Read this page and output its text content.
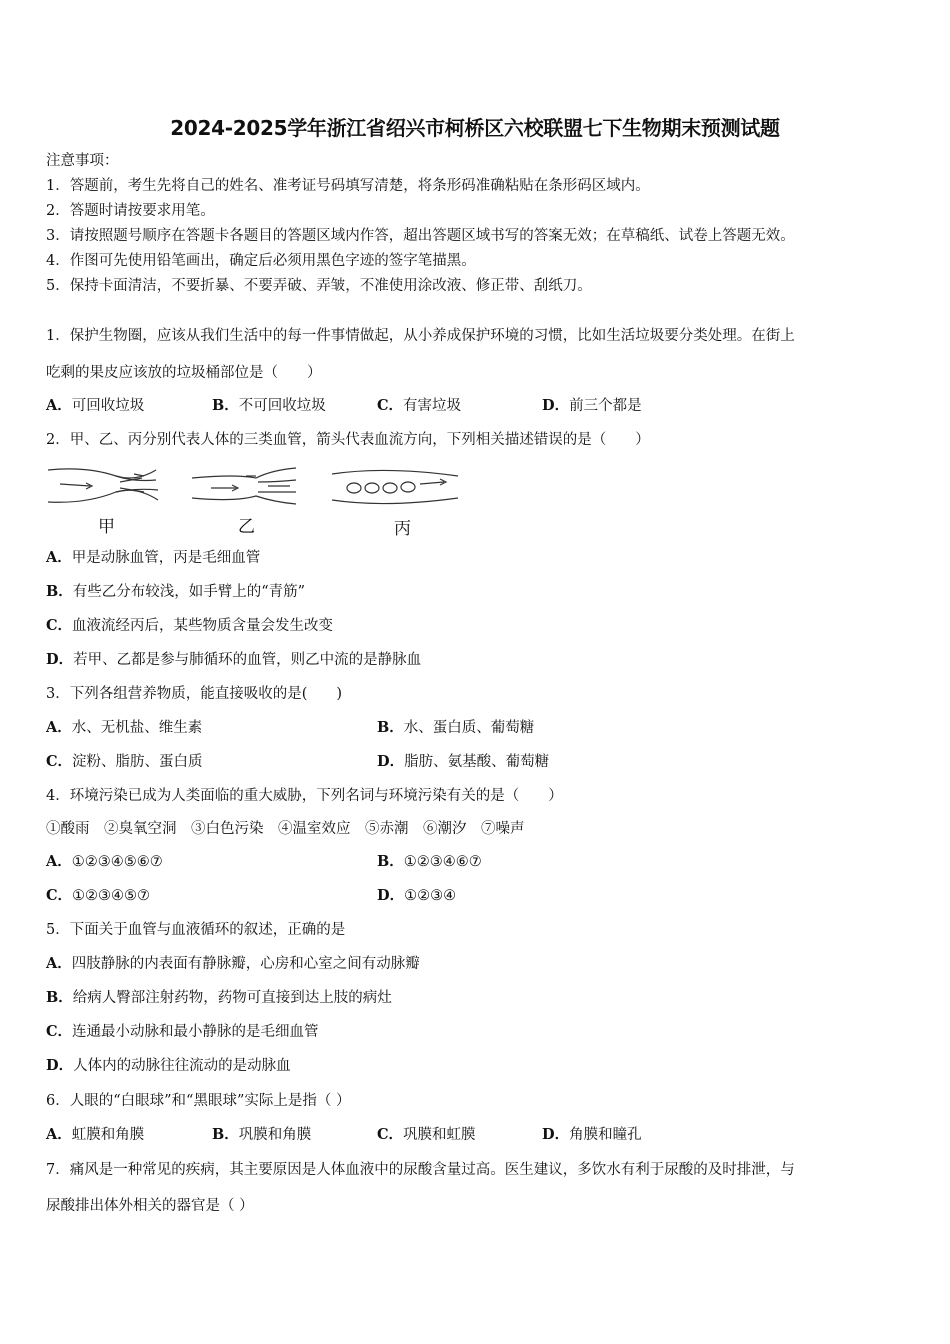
2024-2025学年浙江省绍兴市柯桥区六校联盟七下生物期末预测试题
注意事项：
1．答题前，考生先将自己的姓名、准考证号码填写清楚，将条形码准确粘贴在条形码区域内。
2．答题时请按要求用笔。
3．请按照题号顺序在答题卡各题目的答题区域内作答，超出答题区域书写的答案无效；在草稿纸、试卷上答题无效。
4．作图可先使用铅笔画出，确定后必须用黑色字迹的签字笔描黑。
5．保持卡面清洁，不要折暴、不要弄破、弄皱，不准使用涂改液、修正带、刮纸刀。
1．保护生物圈，应该从我们生活中的每一件事情做起，从小养成保护环境的习惯，比如生活垃圾要分类处理。在街上
吃剩的果皮应该放的垃圾桶部位是（　　）
A．可回收垃圾	B．不可回收垃圾	C．有害垃圾	D．前三个都是
2．甲、乙、丙分别代表人体的三类血管，箭头代表血流方向，下列相关描述错误的是（　　）
甲	乙	丙
A．甲是动脉血管，丙是毛细血管
B．有些乙分布较浅，如手臂上的“青筋”
C．血液流经丙后，某些物质含量会发生改变
D．若甲、乙都是参与肺循环的血管，则乙中流的是静脉血
3．下列各组营养物质，能直接吸收的是(　　)
A．水、无机盐、维生素	B．水、蛋白质、葡萄糖
C．淀粉、脂肪、蛋白质	D．脂肪、氨基酸、葡萄糖
4．环境污染已成为人类面临的重大威胁，下列名词与环境污染有关的是（　　）
①酸雨　②臭氧空洞　③白色污染　④温室效应　⑤赤潮　⑥潮汐　⑦噪声
A．①②③④⑤⑥⑦	B．①②③④⑥⑦
C．①②③④⑤⑦	D．①②③④
5．下面关于血管与血液循环的叙述，正确的是
A．四肢静脉的内表面有静脉瓣，心房和心室之间有动脉瓣
B．给病人臀部注射药物，药物可直接到达上肢的病灶
C．连通最小动脉和最小静脉的是毛细血管
D．人体内的动脉往往流动的是动脉血
6．人眼的“白眼球”和“黑眼球”实际上是指（ ）
A．虹膜和角膜	B．巩膜和角膜	C．巩膜和虹膜	D．角膜和瞳孔
7．痛风是一种常见的疾病，其主要原因是人体血液中的尿酸含量过高。医生建议，多饮水有利于尿酸的及时排泄，与
尿酸排出体外相关的器官是（ ）
